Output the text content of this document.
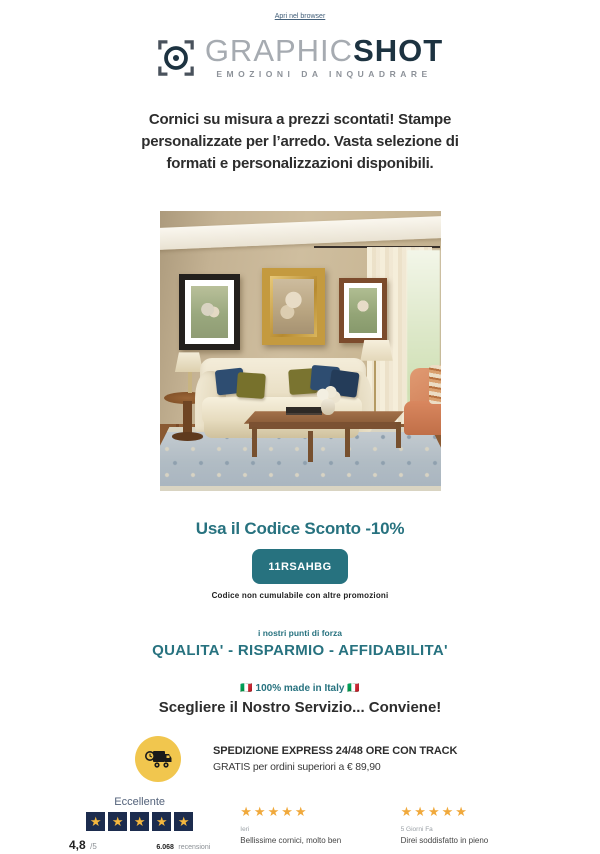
Apri nel browser
GRAPHICSHOT
EMOZIONI DA INQUADRARE
Cornici su misura a prezzi scontati! Stampe personalizzate per l’arredo. Vasta selezione di formati e personalizzazioni disponibili.
Usa il Codice Sconto -10%
11RSAHBG
Codice non cumulabile con altre promozioni
i nostri punti di forza
QUALITA' - RISPARMIO - AFFIDABILITA'
🇮🇹 100% made in Italy 🇮🇹
Scegliere il Nostro Servizio... Conviene!
SPEDIZIONE EXPRESS 24/48 ORE CON TRACK
GRATIS per ordini superiori a € 89,90
Eccellente
★ ★ ★ ★ ★
4,8 /5	6.068 recensioni
★★★★★
Ieri
Bellissime cornici, molto ben
★★★★★
5 Giorni Fa
Direi soddisfatto in pieno
